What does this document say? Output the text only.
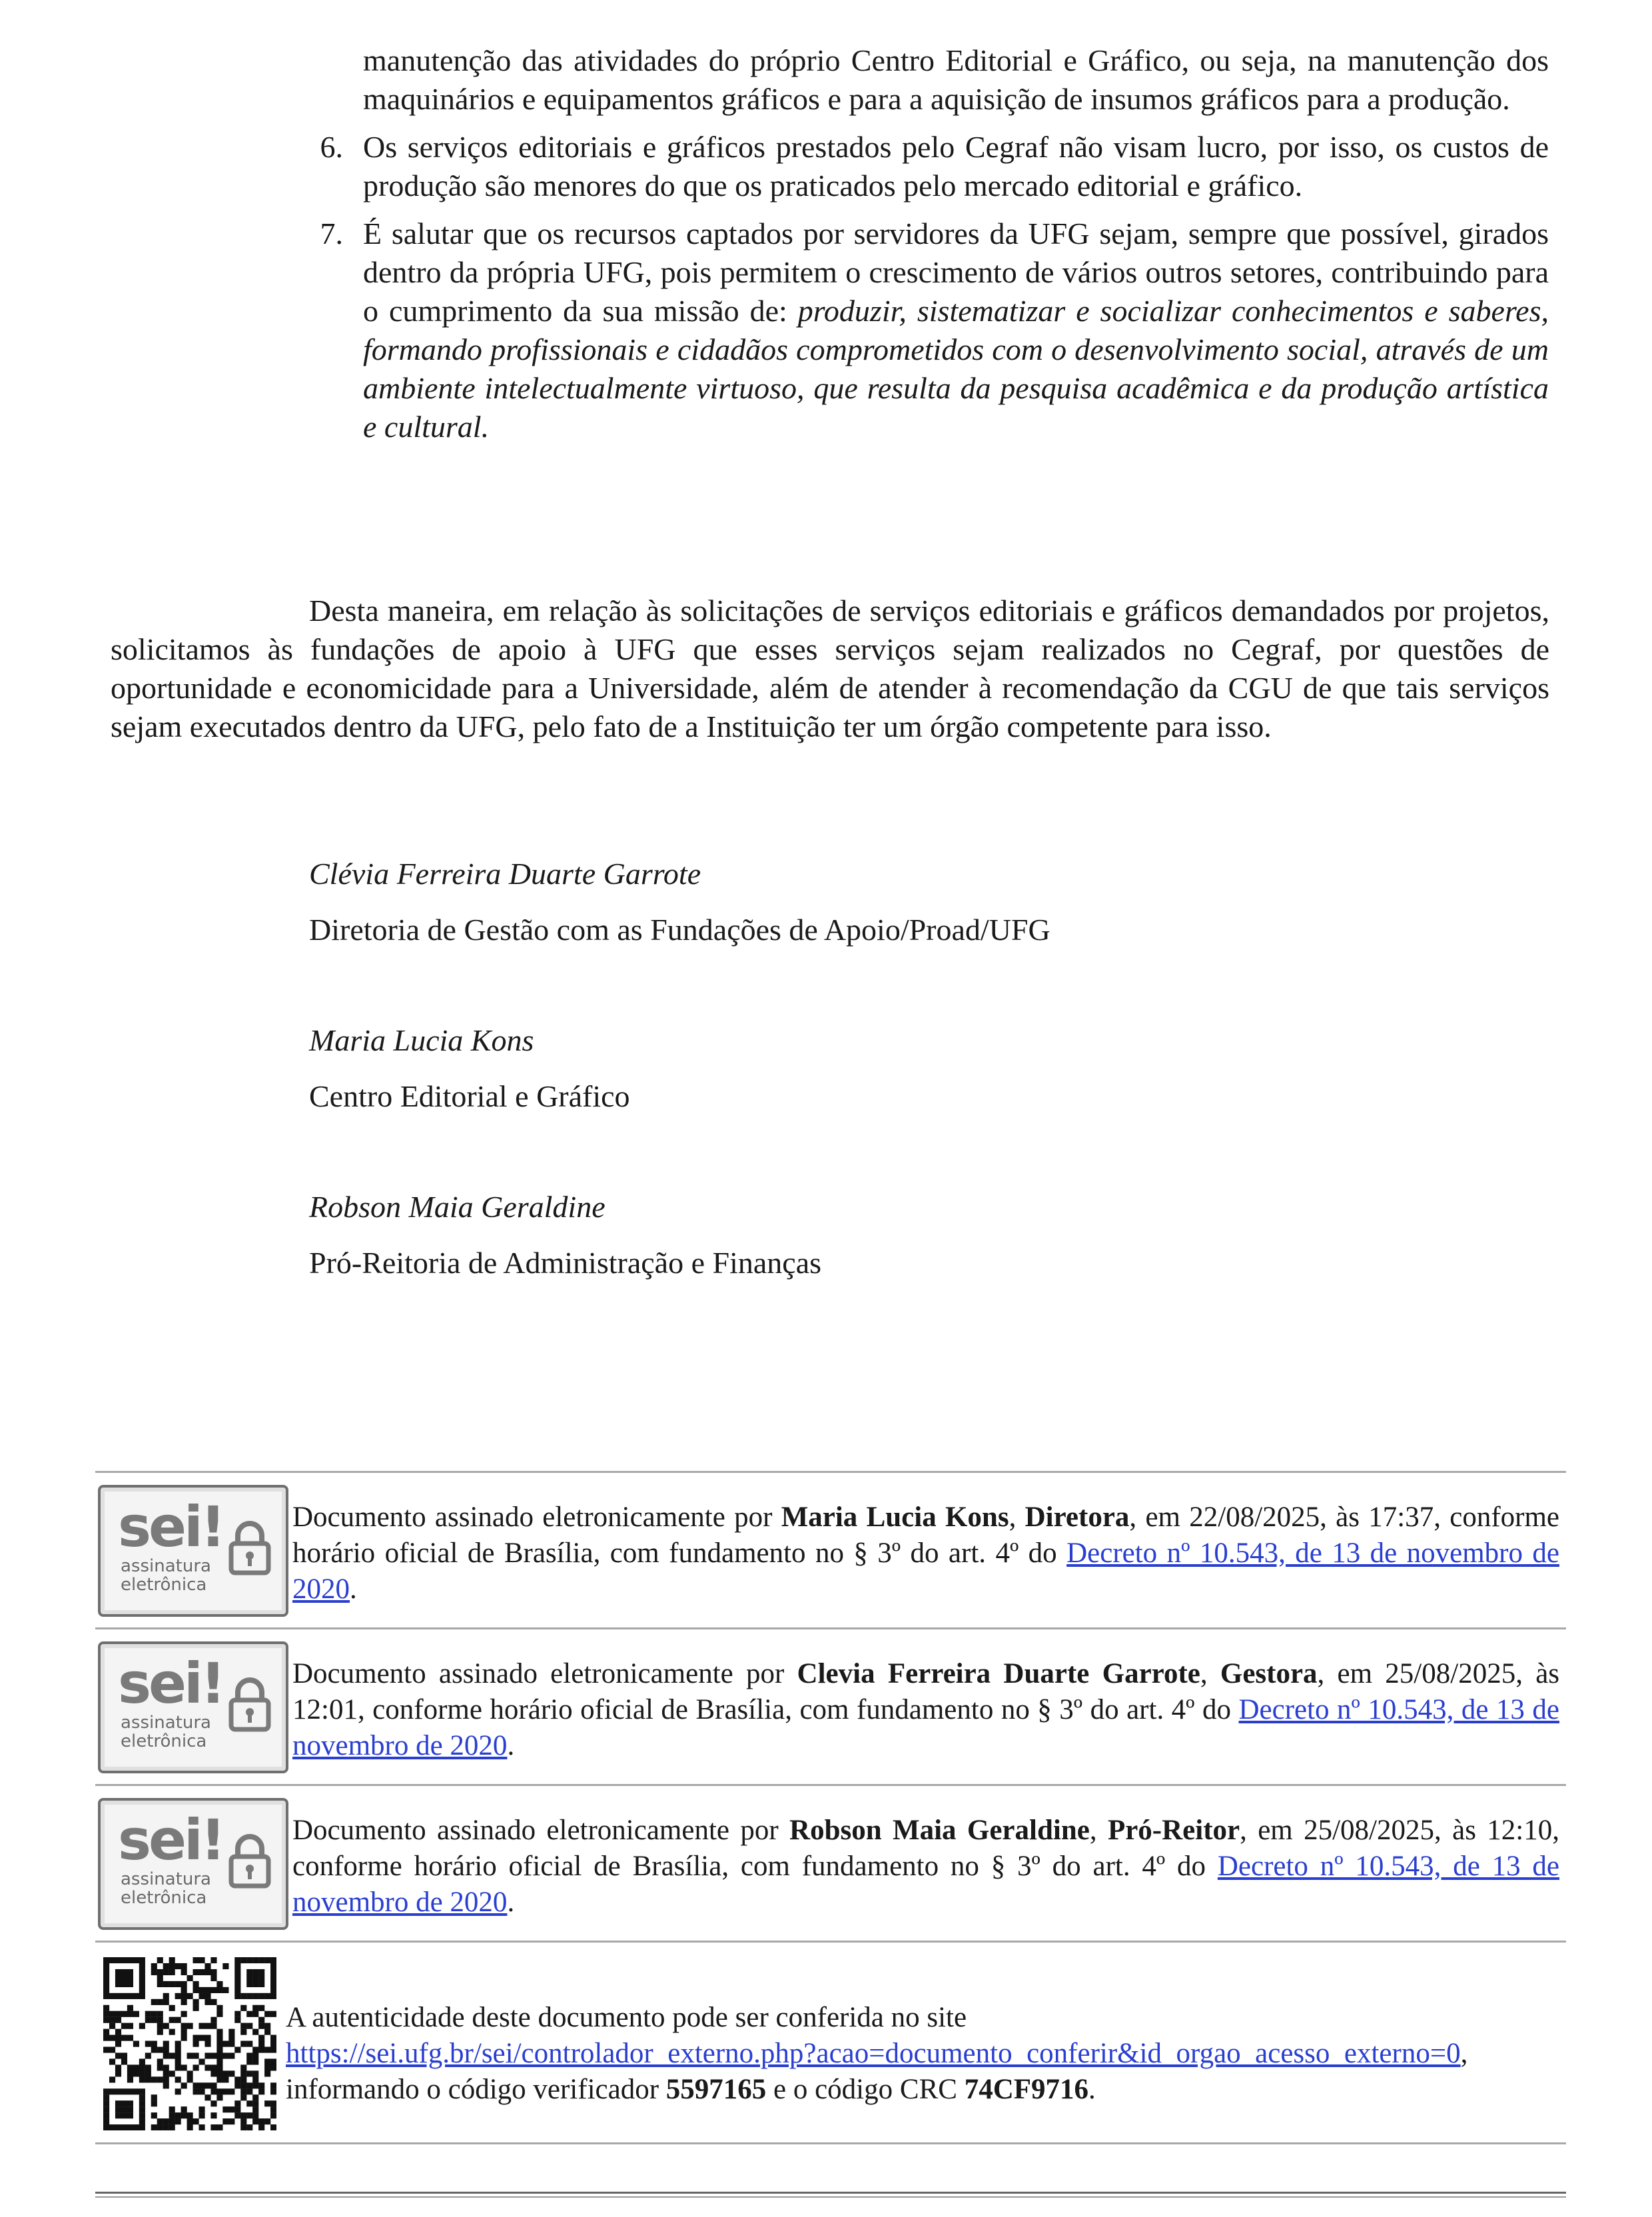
manutenção das atividades do próprio Centro Editorial e Gráfico, ou seja, na manutenção dos maquinários e equipamentos gráficos e para a aquisição de insumos gráficos para a produção.
6. Os serviços editoriais e gráficos prestados pelo Cegraf não visam lucro, por isso, os custos de produção são menores do que os praticados pelo mercado editorial e gráfico.
7. É salutar que os recursos captados por servidores da UFG sejam, sempre que possível, girados dentro da própria UFG, pois permitem o crescimento de vários outros setores, contribuindo para o cumprimento da sua missão de: produzir, sistematizar e socializar conhecimentos e saberes, formando profissionais e cidadãos comprometidos com o desenvolvimento social, através de um ambiente intelectualmente virtuoso, que resulta da pesquisa acadêmica e da produção artística e cultural.
Desta maneira, em relação às solicitações de serviços editoriais e gráficos demandados por projetos, solicitamos às fundações de apoio à UFG que esses serviços sejam realizados no Cegraf, por questões de oportunidade e economicidade para a Universidade, além de atender à recomendação da CGU de que tais serviços sejam executados dentro da UFG, pelo fato de a Instituição ter um órgão competente para isso.
Clévia Ferreira Duarte Garrote
Diretoria de Gestão com as Fundações de Apoio/Proad/UFG
Maria Lucia Kons
Centro Editorial e Gráfico
Robson Maia Geraldine
Pró-Reitoria de Administração e Finanças
sei!
assinatura
eletrônica
Documento assinado eletronicamente por Maria Lucia Kons, Diretora, em 22/08/2025, às 17:37, conforme horário oficial de Brasília, com fundamento no § 3º do art. 4º do Decreto nº 10.543, de 13 de novembro de 2020.
sei!
assinatura
eletrônica
Documento assinado eletronicamente por Clevia Ferreira Duarte Garrote, Gestora, em 25/08/2025, às 12:01, conforme horário oficial de Brasília, com fundamento no § 3º do art. 4º do Decreto nº 10.543, de 13 de novembro de 2020.
sei!
assinatura
eletrônica
Documento assinado eletronicamente por Robson Maia Geraldine, Pró-Reitor, em 25/08/2025, às 12:10, conforme horário oficial de Brasília, com fundamento no § 3º do art. 4º do Decreto nº 10.543, de 13 de novembro de 2020.
A autenticidade deste documento pode ser conferida no site
https://sei.ufg.br/sei/controlador_externo.php?acao=documento_conferir&id_orgao_acesso_externo=0,
informando o código verificador 5597165 e o código CRC 74CF9716.
